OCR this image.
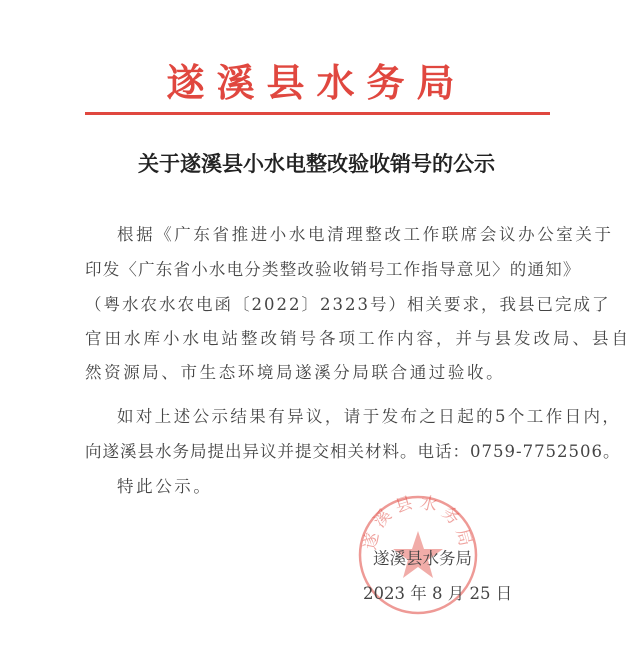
遂溪县水务局
关于遂溪县小水电整改验收销号的公示
根据《广东省推进小水电清理整改工作联席会议办公室关于
印发〈广东省小水电分类整改验收销号工作指导意见〉的通知》
（粤水农水农电函〔2022〕2323号）相关要求，我县已完成了
官田水库小水电站整改销号各项工作内容，并与县发改局、县自
然资源局、市生态环境局遂溪分局联合通过验收。
如对上述公示结果有异议，请于发布之日起的5个工作日内，
向遂溪县水务局提出异议并提交相关材料。电话：0759-7752506。
特此公示。
遂 溪 县 水 务 局
遂溪县水务局
2023 年 8 月 25 日
